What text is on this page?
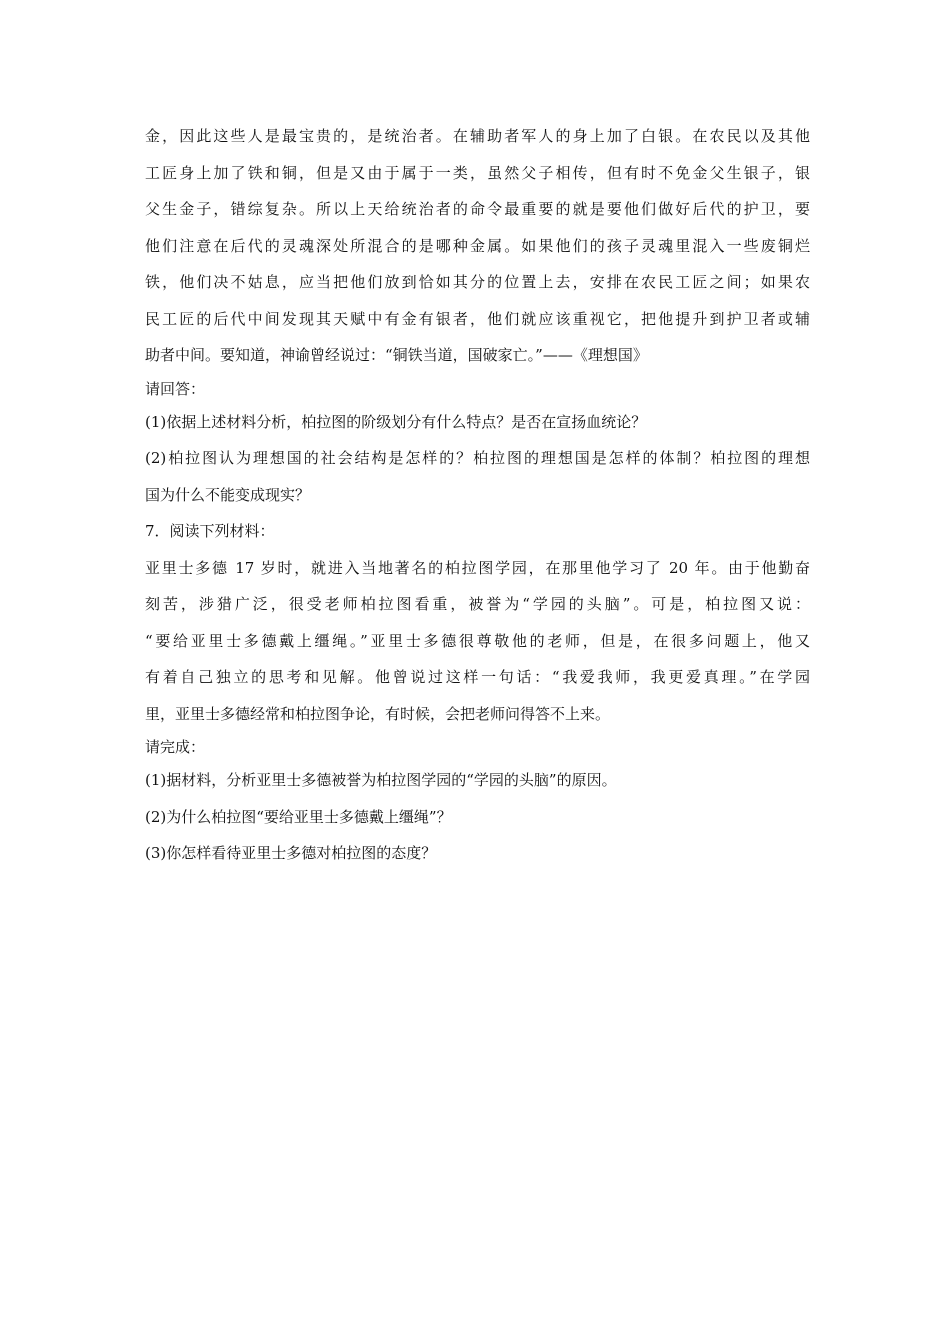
金，因此这些人是最宝贵的，是统治者。在辅助者军人的身上加了白银。在农民以及其他
工匠身上加了铁和铜，但是又由于属于一类，虽然父子相传，但有时不免金父生银子，银
父生金子，错综复杂。所以上天给统治者的命令最重要的就是要他们做好后代的护卫，要
他们注意在后代的灵魂深处所混合的是哪种金属。如果他们的孩子灵魂里混入一些废铜烂
铁，他们决不姑息，应当把他们放到恰如其分的位置上去，安排在农民工匠之间；如果农
民工匠的后代中间发现其天赋中有金有银者，他们就应该重视它，把他提升到护卫者或辅
助者中间。要知道，神谕曾经说过：“铜铁当道，国破家亡。”——《理想国》
请回答：
(1)依据上述材料分析，柏拉图的阶级划分有什么特点？是否在宣扬血统论？
(2)柏拉图认为理想国的社会结构是怎样的？柏拉图的理想国是怎样的体制？柏拉图的理想
国为什么不能变成现实？
7．阅读下列材料：
亚里士多德 17 岁时，就进入当地著名的柏拉图学园，在那里他学习了 20 年。由于他勤奋
刻苦，涉猎广泛，很受老师柏拉图看重，被誉为“学园的头脑”。可是，柏拉图又说：
“要给亚里士多德戴上缰绳。”亚里士多德很尊敬他的老师，但是，在很多问题上，他又
有着自己独立的思考和见解。他曾说过这样一句话：“我爱我师，我更爱真理。”在学园
里，亚里士多德经常和柏拉图争论，有时候，会把老师问得答不上来。
请完成：
(1)据材料，分析亚里士多德被誉为柏拉图学园的“学园的头脑”的原因。
(2)为什么柏拉图“要给亚里士多德戴上缰绳”？
(3)你怎样看待亚里士多德对柏拉图的态度？
